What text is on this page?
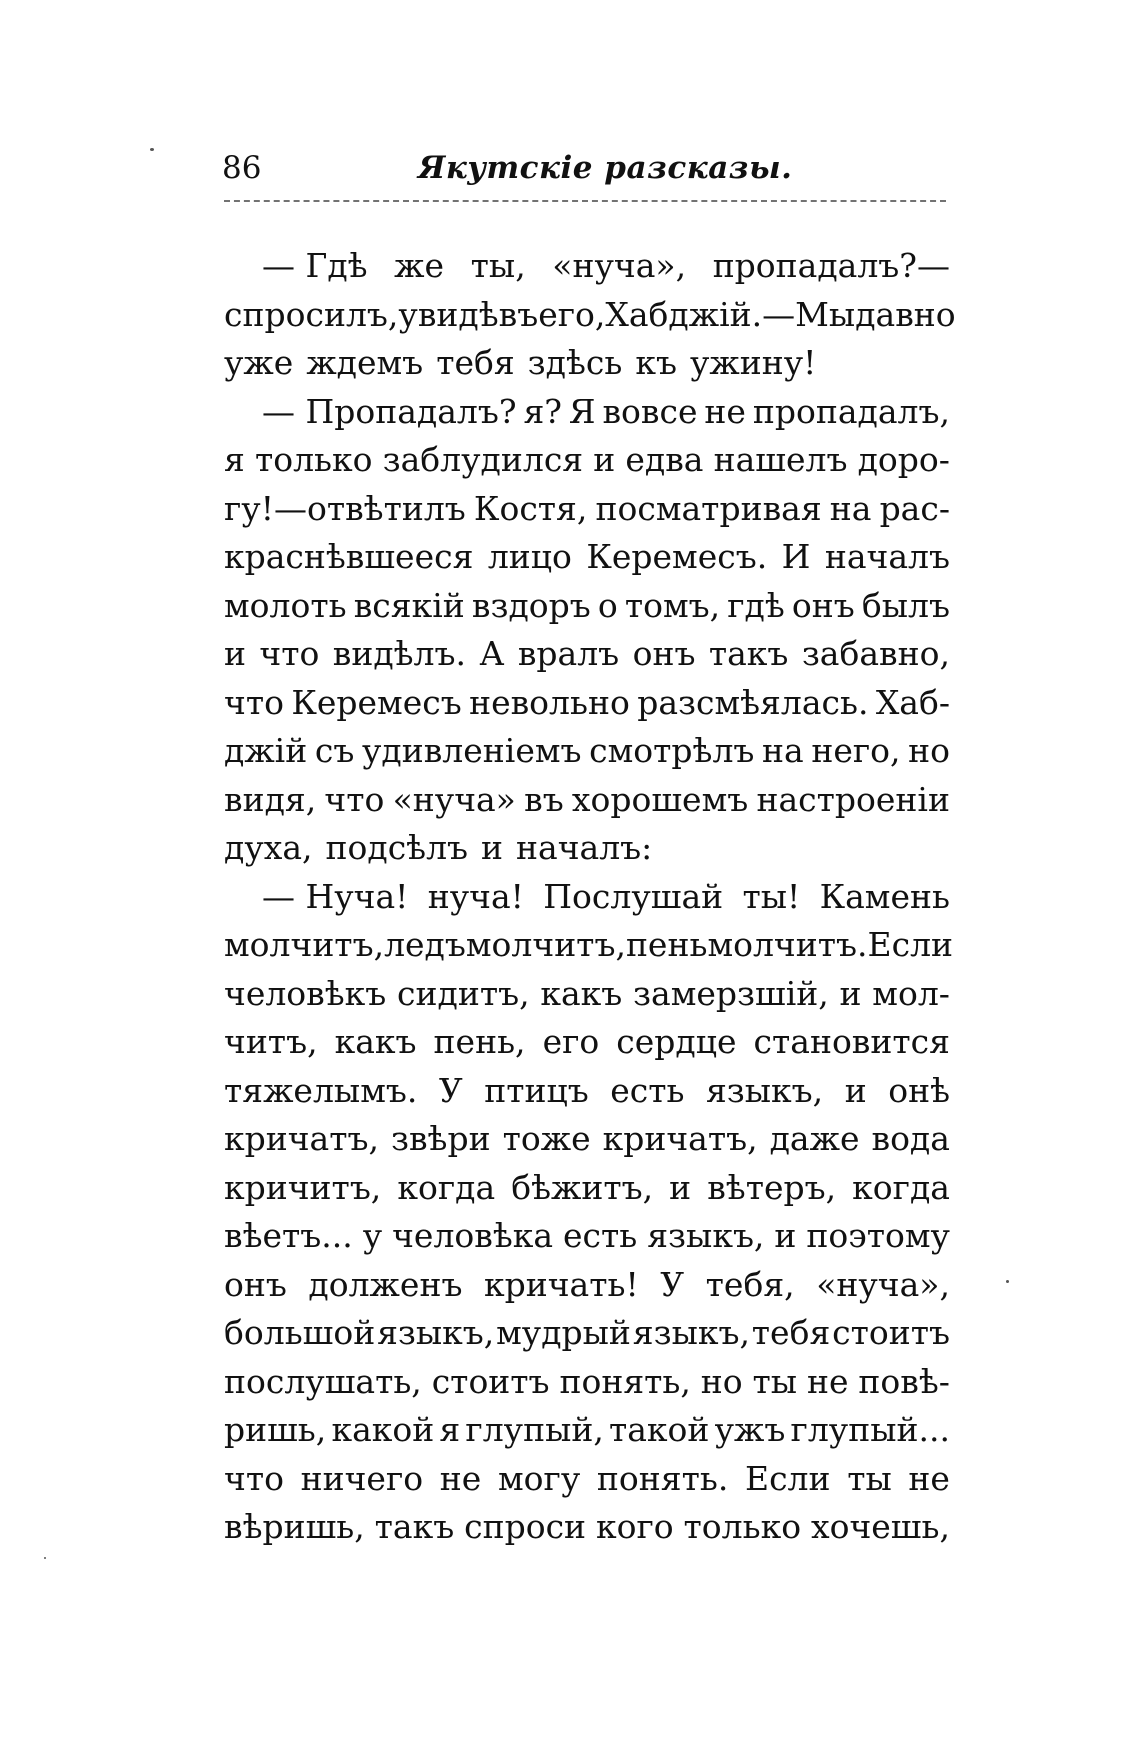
86	Якутскіе разсказы.
— Гдѣ же ты, «нуча», пропадалъ?—
спросилъ, увидѣвъ его, Хабджій.—Мы давно
уже ждемъ тебя здѣсь къ ужину!
— Пропадалъ? я? Я вовсе не пропадалъ,
я только заблудился и едва нашелъ доро-
гу!—отвѣтилъ Костя, посматривая на рас-
краснѣвшееся лицо Керемесъ. И началъ
молоть всякій вздоръ о томъ, гдѣ онъ былъ
и что видѣлъ. А вралъ онъ такъ забавно,
что Керемесъ невольно разсмѣялась. Хаб-
джій съ удивленіемъ смотрѣлъ на него, но
видя, что «нуча» въ хорошемъ настроеніи
духа, подсѣлъ и началъ:
— Нуча! нуча! Послушай ты! Камень
молчитъ, ледъ молчитъ, пень молчитъ. Если
человѣкъ сидитъ, какъ замерзшій, и мол-
читъ, какъ пень, его сердце становится
тяжелымъ. У птицъ есть языкъ, и онѣ
кричатъ, звѣри тоже кричатъ, даже вода
кричитъ, когда бѣжитъ, и вѣтеръ, когда
вѣетъ... у человѣка есть языкъ, и поэтому
онъ долженъ кричать! У тебя, «нуча»,
большой языкъ, мудрый языкъ, тебя стоитъ
послушать, стоитъ понять, но ты не повѣ-
ришь, какой я глупый, такой ужъ глупый...
что ничего не могу понять. Если ты не
вѣришь, такъ спроси кого только хочешь,
